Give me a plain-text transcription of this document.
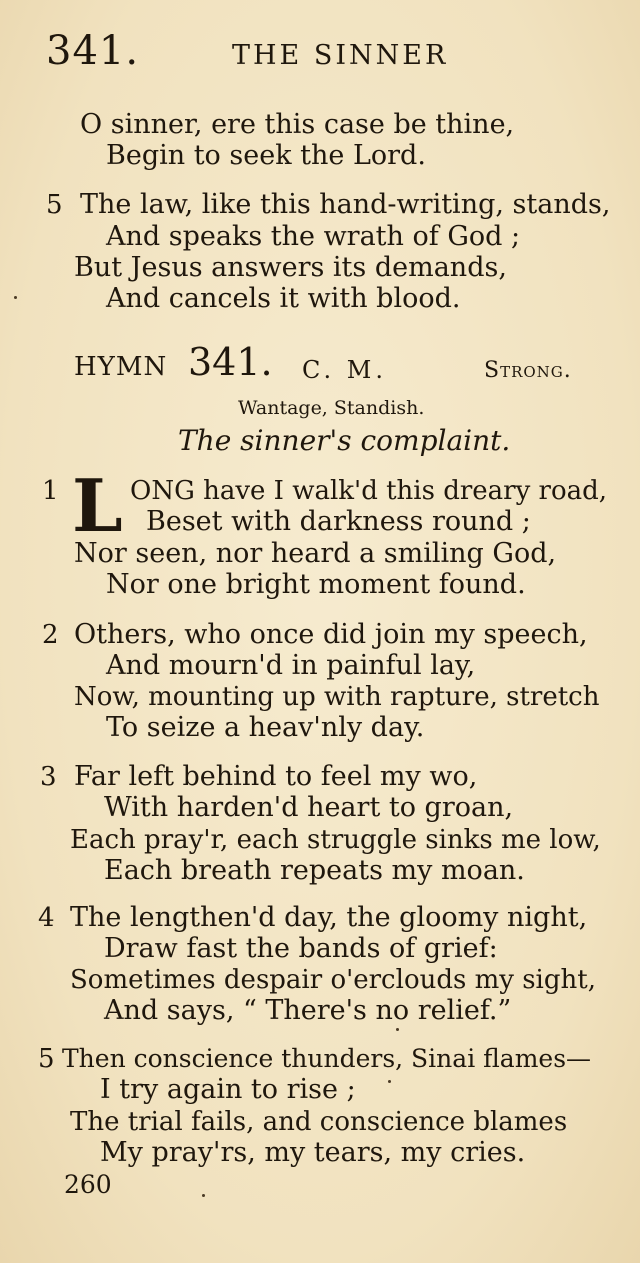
341.	THE SINNER
O sinner, ere this case be thine,
Begin to seek the Lord.
5 The law, like this hand-writing, stands,
And speaks the wrath of God ;
But Jesus answers its demands,
And cancels it with blood.
HYMN 341. C. M.	Strong.
Wantage, Standish.
The sinner's complaint.
1 L ONG have I walk'd this dreary road,
Beset with darkness round ;
Nor seen, nor heard a smiling God,
Nor one bright moment found.
2 Others, who once did join my speech,
And mourn'd in painful lay,
Now, mounting up with rapture, stretch
To seize a heav'nly day.
3 Far left behind to feel my wo,
With harden'd heart to groan,
Each pray'r, each struggle sinks me low,
Each breath repeats my moan.
4 The lengthen'd day, the gloomy night,
Draw fast the bands of grief:
Sometimes despair o'erclouds my sight,
And says, “ There's no relief.”
5 Then conscience thunders, Sinai flames—
I try again to rise ;
The trial fails, and conscience blames
My pray'rs, my tears, my cries.
260
